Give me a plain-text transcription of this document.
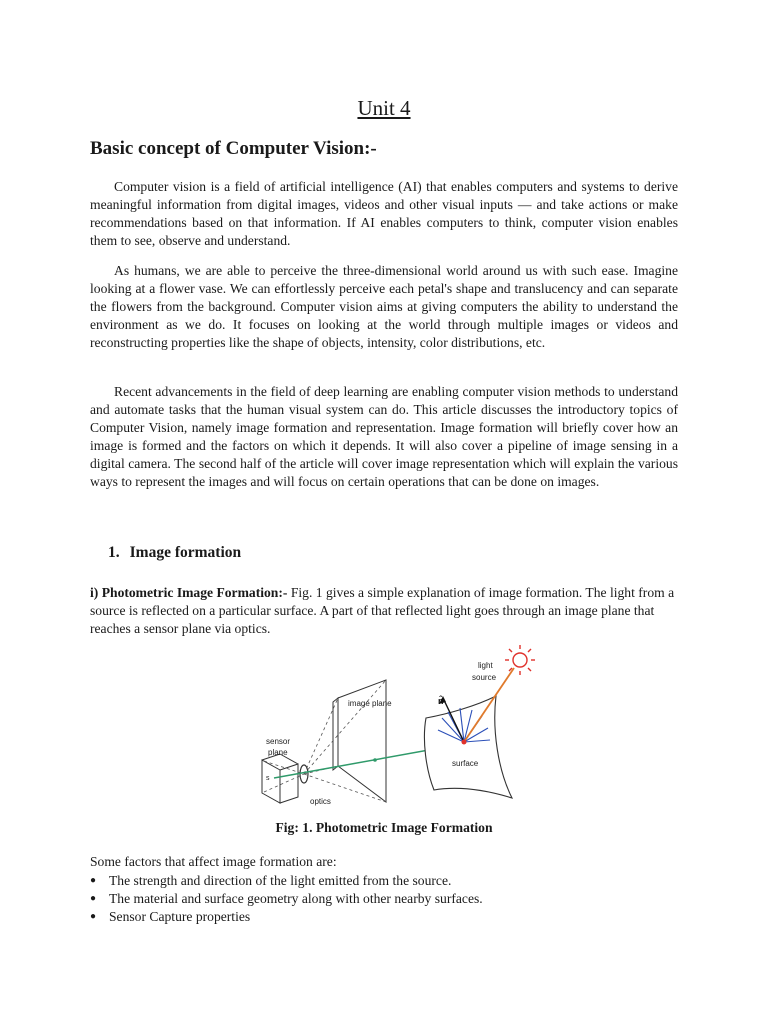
Unit 4
Basic concept of Computer Vision:-

Computer vision is a field of artificial intelligence (AI) that enables computers and systems to derive meaningful information from digital images, videos and other visual inputs — and take actions or make recommendations based on that information. If AI enables computers to think, computer vision enables them to see, observe and understand.

As humans, we are able to perceive the three-dimensional world around us with such ease. Imagine looking at a flower vase. We can effortlessly perceive each petal's shape and translucency and can separate the flowers from the background. Computer vision aims at giving computers the ability to understand the environment as we do. It focuses on looking at the world through multiple images or videos and reconstructing properties like the shape of objects, intensity, color distributions, etc.

Recent advancements in the field of deep learning are enabling computer vision methods to understand and automate tasks that the human visual system can do. This article discusses the introductory topics of Computer Vision, namely image formation and representation. Image formation will briefly cover how an image is formed and the factors on which it depends. It will also cover a pipeline of image sensing in a digital camera. The second half of the article will cover image representation which will explain the various ways to represent the images and will focus on certain operations that can be done on images.

1. Image formation

i) Photometric Image Formation:- Fig. 1 gives a simple explanation of image formation. The light from a source is reflected on a particular surface. A part of that reflected light goes through an image plane that reaches a sensor plane via optics.

light
source
image plane
sensor
plane
optics
surface
n̂
s
Fig: 1. Photometric Image Formation
Some factors that affect image formation are:
● The strength and direction of the light emitted from the source.
● The material and surface geometry along with other nearby surfaces.
● Sensor Capture properties
